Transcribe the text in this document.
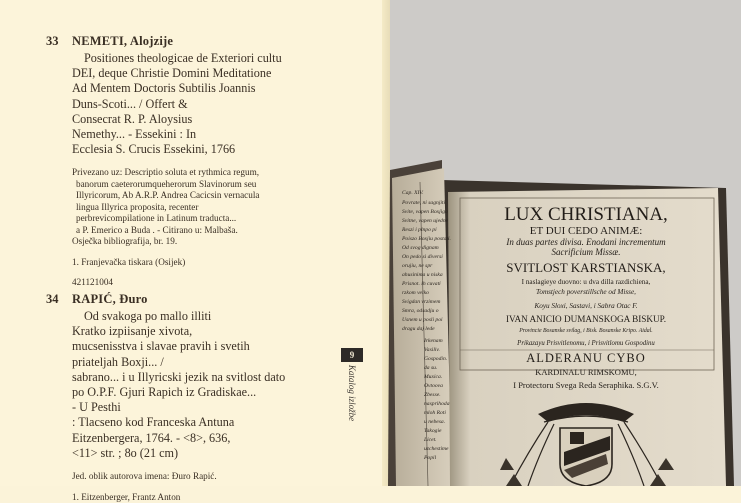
33 NEMETI, Alojzije
Positiones theologicae de Exteriori cultu
DEI, deque Christie Domini Meditatione
Ad Mentem Doctoris Subtilis Joannis
Duns-Scoti... / Offert &
Consecrat R. P. Aloysius
Nemethy... - Essekini : In
Ecclesia S. Crucis Essekini, 1766
Privezano uz: Descriptio soluta et rythmica regum,
banorum caeterorumqueherorum Slavinorum seu
Illyricorum, Ab A.R.P. Andrea Cacicsin vernacula
lingua Illyrica proposita, recenter
perbrevicompilatione in Latinum traducta...
a P. Emerico a Buda . - Citirano u: Malbaša.
Osječka bibliografija, br. 19.
1. Franjevačka tiskara (Osijek)
421121004
34 RAPIĆ, Đuro
Od svakoga po mallo illiti
Kratko izpiisanje xivota,
mucsenisstva i slavae pravih i svetih
priateljah Boxji... /
sabrano... i u Illyricski jezik na svitlost dato
po O.P.F. Gjuri Rapich iz Gradiskae...
- U Pesthi
: Tlacseno kod Franceska Antuna
Eitzenbergera, 1764. - <8>, 636,
<11> str. ; 8o (21 cm)
Jed. oblik autorova imena: Đuro Rapić.
1. Eitzenberger, Frantz Anton
9
Katalog izložbe
LUX CHRISTIANA,
ET DUI CEDO ANIMÆ:
In duas partes divisa. Enodani incrementum
Sacrificium Missæ.
SVITLOST KARSTIANSKA,
I naslagieye duovno: u dva dilla razdichiena,
Tomstjech poverstillsche od Misse,
Koyu Sloxi, Sastavi, i Sabra Otac F.
IVAN ANICIO DUMANSKOGA BISKUP.
Provincie Bosanske svilag, i Bisk. Bosanske Kripo. Aidal.
Prikazayu Prisvitlenomu, i Prisvitlomu Gospodinu
ALDERANU CYBO
KARDINALU RIMSKOMU,
I Protectoru Svega Reda Seraphika. S.G.V.
Cap. XIV.
Povrate, ni sagnjiti
Svite, vapen Boxjiga
Svitne, vapen ujedne
Reszi i plnpo pi
Poiszo Boxjiu postati.
Od svog dignam
On pedo si diversi
orujiu, ne spr
ahusinima u niska
Prisnot. ih cuvati
rzkom velko
Svigdan vrzimem
Smra, odsadju o
Usnem u posli poi
dragu daj lede
Irkenam
Vasiliv.
Gospodin.
da su.
Muxica.
Ovtoova
Zbesse.
nasprihoda
mloh Roti
u nebesa.
Takogie
Licet.
uzchestime
Popil
